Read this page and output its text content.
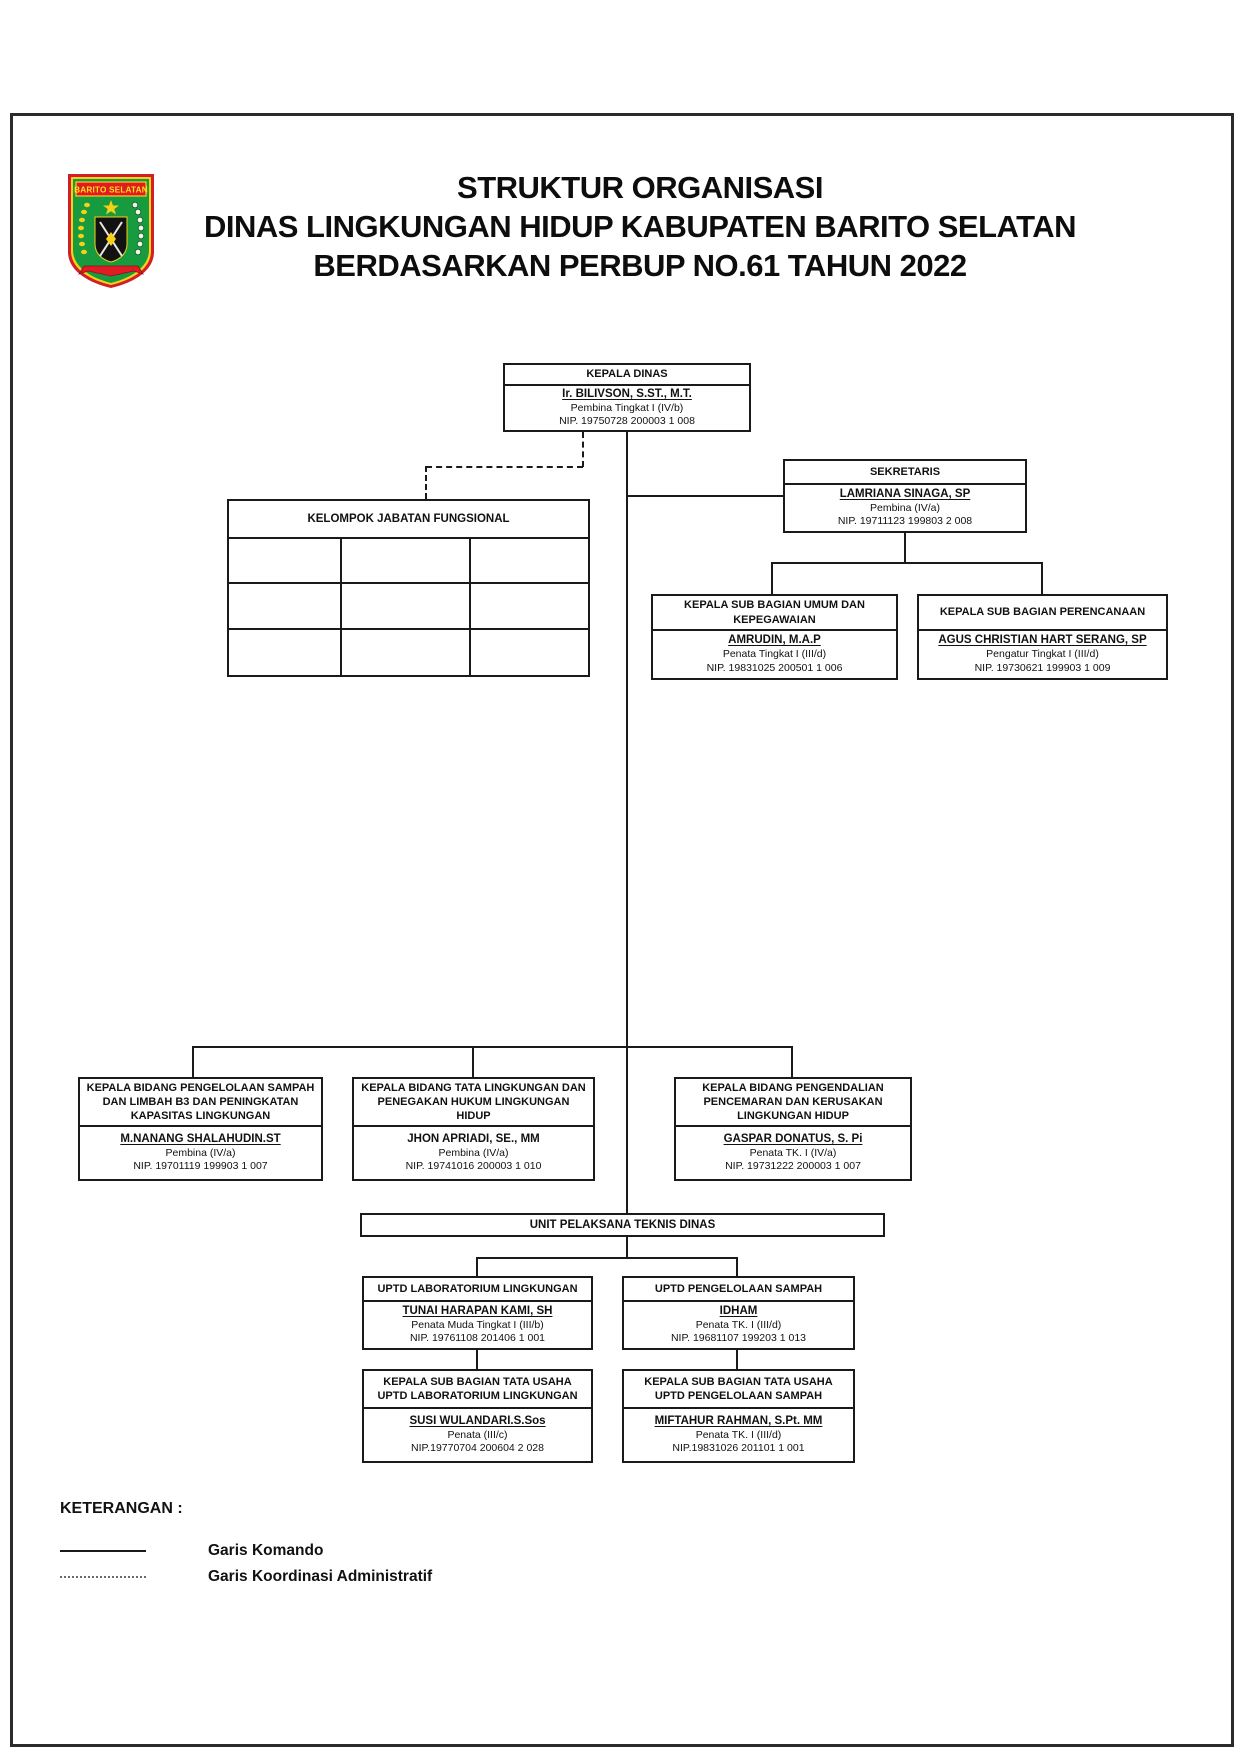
BARITO SELATAN	STRUKTUR ORGANISASI
DINAS LINGKUNGAN HIDUP KABUPATEN BARITO SELATAN
BERDASARKAN PERBUP NO.61 TAHUN 2022
KEPALA DINAS
Ir. BILIVSON, S.ST., M.T.
Pembina Tingkat I (IV/b)
NIP. 19750728 200003 1 008
SEKRETARIS
LAMRIANA SINAGA, SP
Pembina (IV/a)
NIP. 19711123 199803 2 008
KELOMPOK JABATAN FUNGSIONAL
KEPALA SUB BAGIAN UMUM DAN KEPEGAWAIAN
AMRUDIN, M.A.P
Penata Tingkat I (III/d)
NIP. 19831025 200501 1 006
KEPALA SUB BAGIAN PERENCANAAN
AGUS CHRISTIAN HART SERANG, SP
Pengatur Tingkat I (III/d)
NIP. 19730621 199903 1 009
KEPALA BIDANG PENGELOLAAN SAMPAH DAN LIMBAH B3 DAN PENINGKATAN KAPASITAS LINGKUNGAN
M.NANANG SHALAHUDIN.ST
Pembina (IV/a)
NIP. 19701119 199903 1 007
KEPALA BIDANG TATA LINGKUNGAN DAN PENEGAKAN HUKUM LINGKUNGAN HIDUP
JHON APRIADI, SE., MM
Pembina (IV/a)
NIP. 19741016 200003 1 010
KEPALA BIDANG PENGENDALIAN PENCEMARAN DAN KERUSAKAN LINGKUNGAN HIDUP
GASPAR DONATUS, S. Pi
Penata TK. I (IV/a)
NIP. 19731222 200003 1 007
UNIT PELAKSANA TEKNIS DINAS
UPTD LABORATORIUM LINGKUNGAN
TUNAI HARAPAN KAMI, SH
Penata Muda Tingkat I (III/b)
NIP. 19761108 201406 1 001
UPTD PENGELOLAAN SAMPAH
IDHAM
Penata TK. I (III/d)
NIP. 19681107 199203 1 013
KEPALA SUB BAGIAN TATA USAHA UPTD LABORATORIUM LINGKUNGAN
SUSI WULANDARI.S.Sos
Penata (III/c)
NIP.19770704 200604 2 028
KEPALA SUB BAGIAN TATA USAHA UPTD PENGELOLAAN SAMPAH
MIFTAHUR RAHMAN, S.Pt. MM
Penata TK. I (III/d)
NIP.19831026 201101 1 001
KETERANGAN :
Garis Komando
Garis Koordinasi Administratif
